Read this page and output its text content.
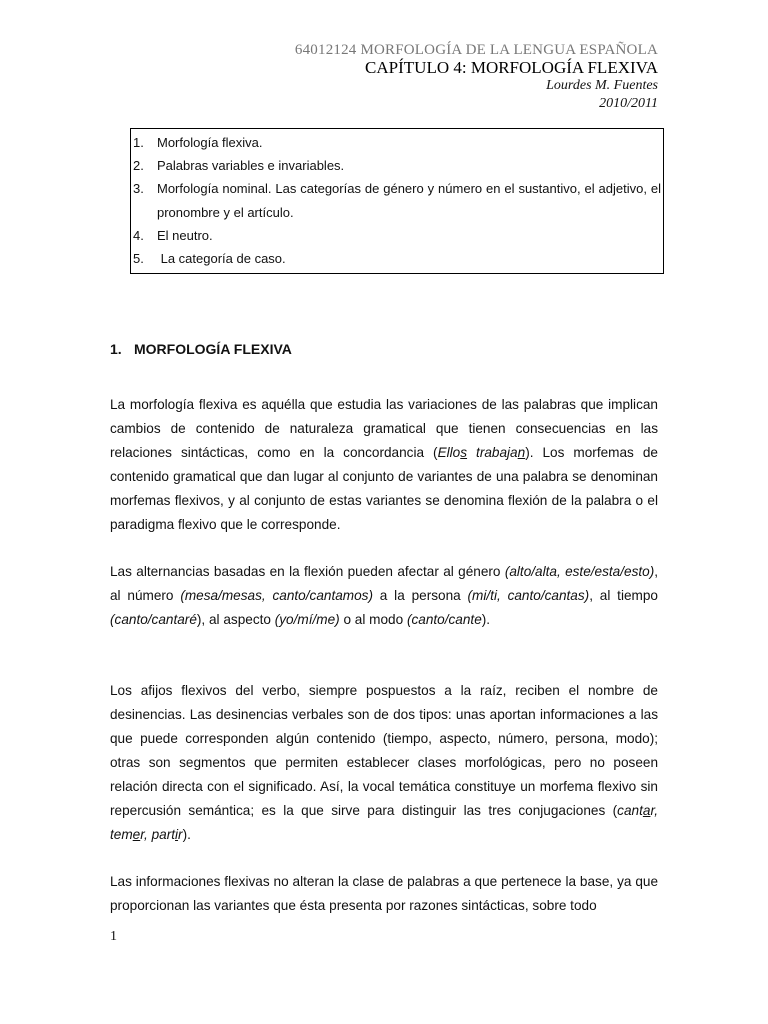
64012124 MORFOLOGÍA DE LA LENGUA ESPAÑOLA
CAPÍTULO 4: MORFOLOGÍA FLEXIVA
Lourdes M. Fuentes
2010/2011
1.	Morfología flexiva.
2.	Palabras variables e invariables.
3.	Morfología nominal. Las categorías de género y número en el sustantivo, el adjetivo, el pronombre y el artículo.
4.	El neutro.
5.	La categoría de caso.
1. MORFOLOGÍA FLEXIVA

La morfología flexiva es aquélla que estudia las variaciones de las palabras que implican cambios de contenido de naturaleza gramatical que tienen consecuencias en las relaciones sintácticas, como en la concordancia (Ellos trabajan). Los morfemas de contenido gramatical que dan lugar al conjunto de variantes de una palabra se denominan morfemas flexivos, y al conjunto de estas variantes se denomina flexión de la palabra o el paradigma flexivo que le corresponde.

Las alternancias basadas en la flexión pueden afectar al género (alto/alta, este/esta/esto), al número (mesa/mesas, canto/cantamos) a la persona (mi/ti, canto/cantas), al tiempo (canto/cantaré), al aspecto (yo/mí/me) o al modo (canto/cante).

Los afijos flexivos del verbo, siempre pospuestos a la raíz, reciben el nombre de desinencias. Las desinencias verbales son de dos tipos: unas aportan informaciones a las que puede corresponden algún contenido (tiempo, aspecto, número, persona, modo); otras son segmentos que permiten establecer clases morfológicas, pero no poseen relación directa con el significado. Así, la vocal temática constituye un morfema flexivo sin repercusión semántica; es la que sirve para distinguir las tres conjugaciones (cantar, temer, partir).

Las informaciones flexivas no alteran la clase de palabras a que pertenece la base, ya que proporcionan las variantes que ésta presenta por razones sintácticas, sobre todo

1
